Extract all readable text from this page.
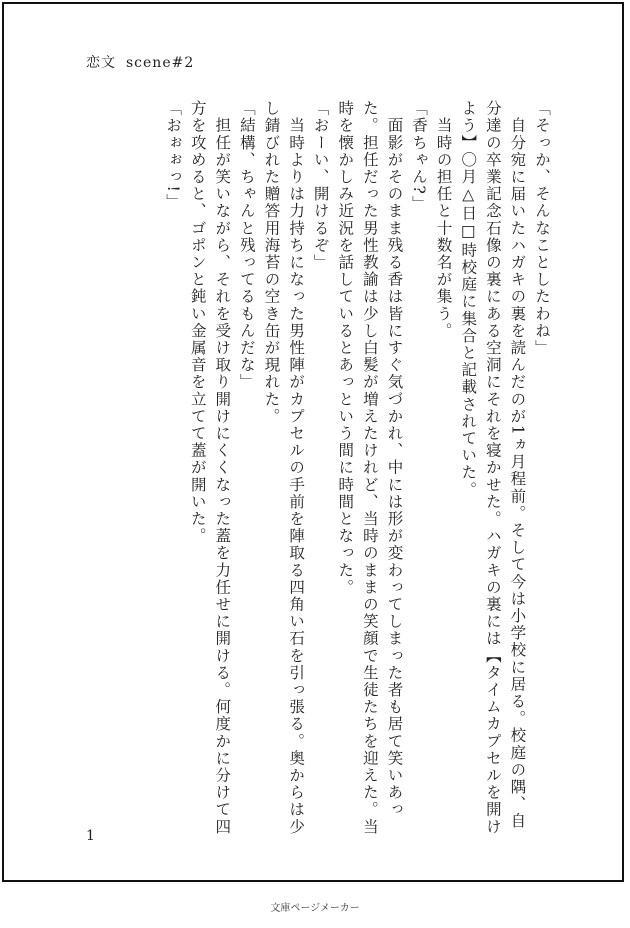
恋文 scene#2

「そっか、そんなことしたわね」

　自分宛に届いたハガキの裏を読んだのが1ヵ月程前。そして今は小学校に居る。校庭の隅、自分達の卒業記念石像の裏にある空洞にそれを寝かせた。ハガキの裏には【タイムカプセルを開けよう】〇月△日□時校庭に集合と記載されていた。

　当時の担任と十数名が集う。

「香ちゃん?」

　面影がそのまま残る香は皆にすぐ気づかれ、中には形が変わってしまった者も居て笑いあった。担任だった男性教諭は少し白髪が増えたけれど、当時のままの笑顔で生徒たちを迎えた。当時を懐かしみ近況を話しているとあっという間に時間となった。

「おーい、開けるぞ」

　当時よりは力持ちになった男性陣がカプセルの手前を陣取る四角い石を引っ張る。奥からは少し錆びれた贈答用海苔の空き缶が現れた。

「結構、ちゃんと残ってるもんだな」

　担任が笑いながら、それを受け取り開けにくくなった蓋を力任せに開ける。何度かに分けて四方を攻めると、ゴポンと鈍い金属音を立てて蓋が開いた。

「おぉぉっ!」

1
文庫ページメーカー
